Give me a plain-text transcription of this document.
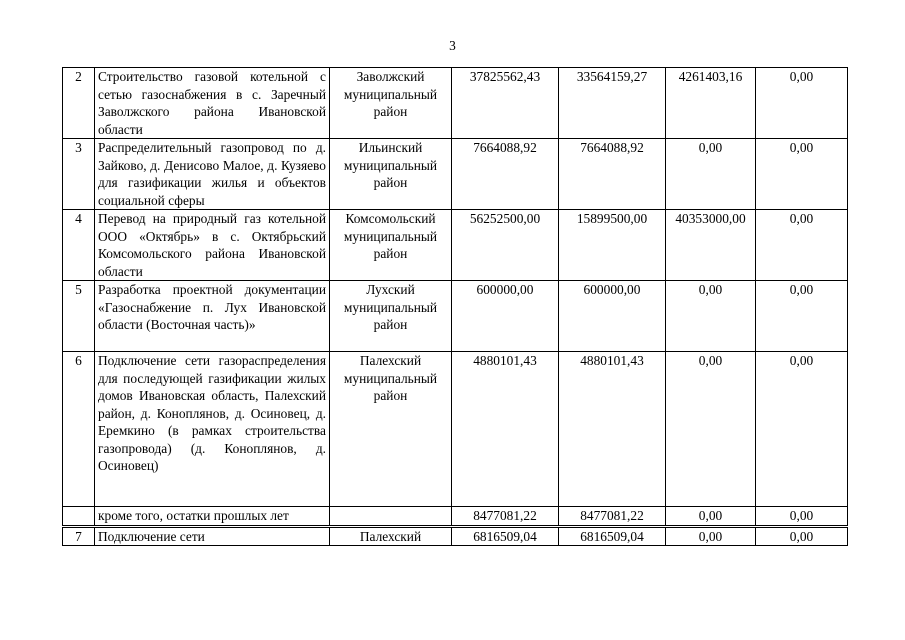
3
2	Строительство газовой котельной с сетью газоснабжения в с. Заречный Заволжского района Ивановской области	Заволжский муниципальный район	37825562,43	33564159,27	4261403,16	0,00
3	Распределительный газопровод по д. Зайково, д. Денисово Малое, д. Кузяево для газификации жилья и объектов социальной сферы	Ильинский муниципальный район	7664088,92	7664088,92	0,00	0,00
4	Перевод на природный газ котельной ООО «Октябрь» в с. Октябрьский Комсомольского района Ивановской области	Комсомольский муниципальный район	56252500,00	15899500,00	40353000,00	0,00
5	Разработка проектной документации «Газоснабжение п. Лух Ивановской области (Восточная часть)»	Лухский муниципальный район	600000,00	600000,00	0,00	0,00
6	Подключение сети газораспределения для последующей газификации жилых домов Ивановская область, Палехский район, д. Коноплянов, д. Осиновец, д. Еремкино (в рамках строительства газопровода) (д. Коноплянов, д. Осиновец)	Палехский муниципальный район	4880101,43	4880101,43	0,00	0,00
	кроме того, остатки прошлых лет		8477081,22	8477081,22	0,00	0,00
7	Подключение сети	Палехский	6816509,04	6816509,04	0,00	0,00
